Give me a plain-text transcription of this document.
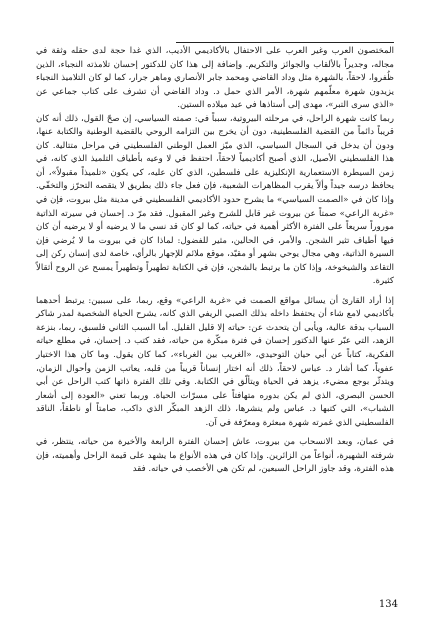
المختصون العرب وغير العرب على الاحتفال بالأكاديمي الأديب، الذي غدا حجة لدى حقله وثقة في مجاله، وجديراً بالألقاب والجوائز والتكريم. وإضافة إلى هذا كان للدكتور إحسان تلامذته النجباء، الذين ظُفروا، لاحقاً، بالشهرة مثل وداد القاضي ومحمد جابر الأنصاري وماهر جرار، كما لو كان التلاميذ النجباء يزيدون شهرة معلّمهم شهرة، الأمر الذي حمل د. وداد القاضي أن تشرف على كتاب جماعي عن «الذي سرى التبر»، مهدى إلى أستاذها في عيد ميلاده الستين.

ربما كانت شهرة الراحل، في مرحلته البيروتية، سبباً في: صمته السياسي، إن صحّ القول، ذلك أنه كان قريباً دائماً من القضية الفلسطينية، دون أن يخرج بين التزامه الروحي بالقضية الوطنية والكتابة عنها، ودون أن يدخل في السجال السياسي، الذي ميّز العمل الوطني الفلسطيني في مراحل متتالية. كان هذا الفلسطيني الأصيل، الذي أصبح أكاديمياً لاحقاً، احتفظ في لا وعيه بأطياف التلميذ الذي كانه، في زمن السيطرة الاستعمارية الإنكليزية على فلسطين، الذي كان عليه، كي يكون «تلميذاً مقبولاً»، أن يحافظ درسه جيداً وألاّ يقرب المظاهرات الشعبية، فإن فعل جاء ذلك بطريق لا يتقصه التحرّز والتخفّي. وإذا كان في «الصمت السياسي» ما يشرح حدود الأكاديمي الفلسطيني في مدينة مثل بيروت، فإن في «غربة الراعي» صمتاً عن بيروت غير قابل للشرح وغير المقبول. فقد مرّ د. إحسان في سيرته الذاتية موروراً سريعاً على الفترة الأكثر أهمية في حياته، كما لو كان قد نسي ما لا يرضيه أو لا يرضيه أن كان فيها أطياف تثير الشجن. والأمر، في الحالين، مثير للفضول: لماذا كان في بيروت ما لا يُرضي فإن السيرة الذاتية، وهي مجال يوحي بشهر أو مقيّد، موقع ملائم للإجهار بالرأي، خاصة لدى إنسان ركن إلى التقاعد والشيخوخة، وإذا كان ما يرتبط بالشجن، فإن في الكتابة تطهيراً وتطهيراً يمسح عن الروح أثقالاً كثيرة.

إذا أراد القارئ أن يسائل مواقع الصمت في «غربة الراعي» وقع، ربما، على سببين: يرتبط أحدهما بأكاديمي لامع شاء أن يحتفظ داخله بذلك الصبي الريفي الذي كانه، يشرح الحياة الشخصية لمدر شاكر السياب بدقة عالية، ويأبى أن يتحدث عن: حياته إلا قليل القليل. أما السبب الثاني فلسبق، ربما، بنزعة الزهد، التي عبّر عنها الدكتور إحسان في فترة مبكّرة من حياته، فقد كتب د. إحسان، في مطلع حياته الفكرية، كتاباً عن أبي حيان التوحيدي، «الغريب بين الغرباء»، كما كان يقول. وما كان هذا الاختيار عفوياً، كما أشار د. عباس لاحقاً، ذلك أنه اختار إنساناً قريباً من قلبه، يعاتب الزمن وأحوال الزمان، ويتدثّر بوجع مضيء، يزهد في الحياة ويتألّق في الكتابة. وفي تلك الفترة ذاتها كتب الراحل عن أبي الحسن البصري، الذي لم يكن بدوره متهافتاً على مسرّات الحياة. وربما تعني «العودة إلى أشعار الشباب»، التي كتبها د. عباس ولم ينشرها، ذلك الزهد المبكّر الذي داكب، صامتاً أو ناطقاً، الناقد الفلسطيني الذي غمرته شهرة مبعثرة ومعرّفة في آن.

في عمان، وبعد الانسحاب من بيروت، عاش إحسان الفترة الرابعة والأخيرة من حياته، ينتظر، في شرفته الشهيرة، أنواعاً من الزائرين. وإذا كان في هذه الأنواع ما يشهد على قيمة الراحل وأهميته، فإن هذه الفترة، وقد جاوز الراحل السبعين، لم تكن هي الأخصب في حياته. فقد

134
